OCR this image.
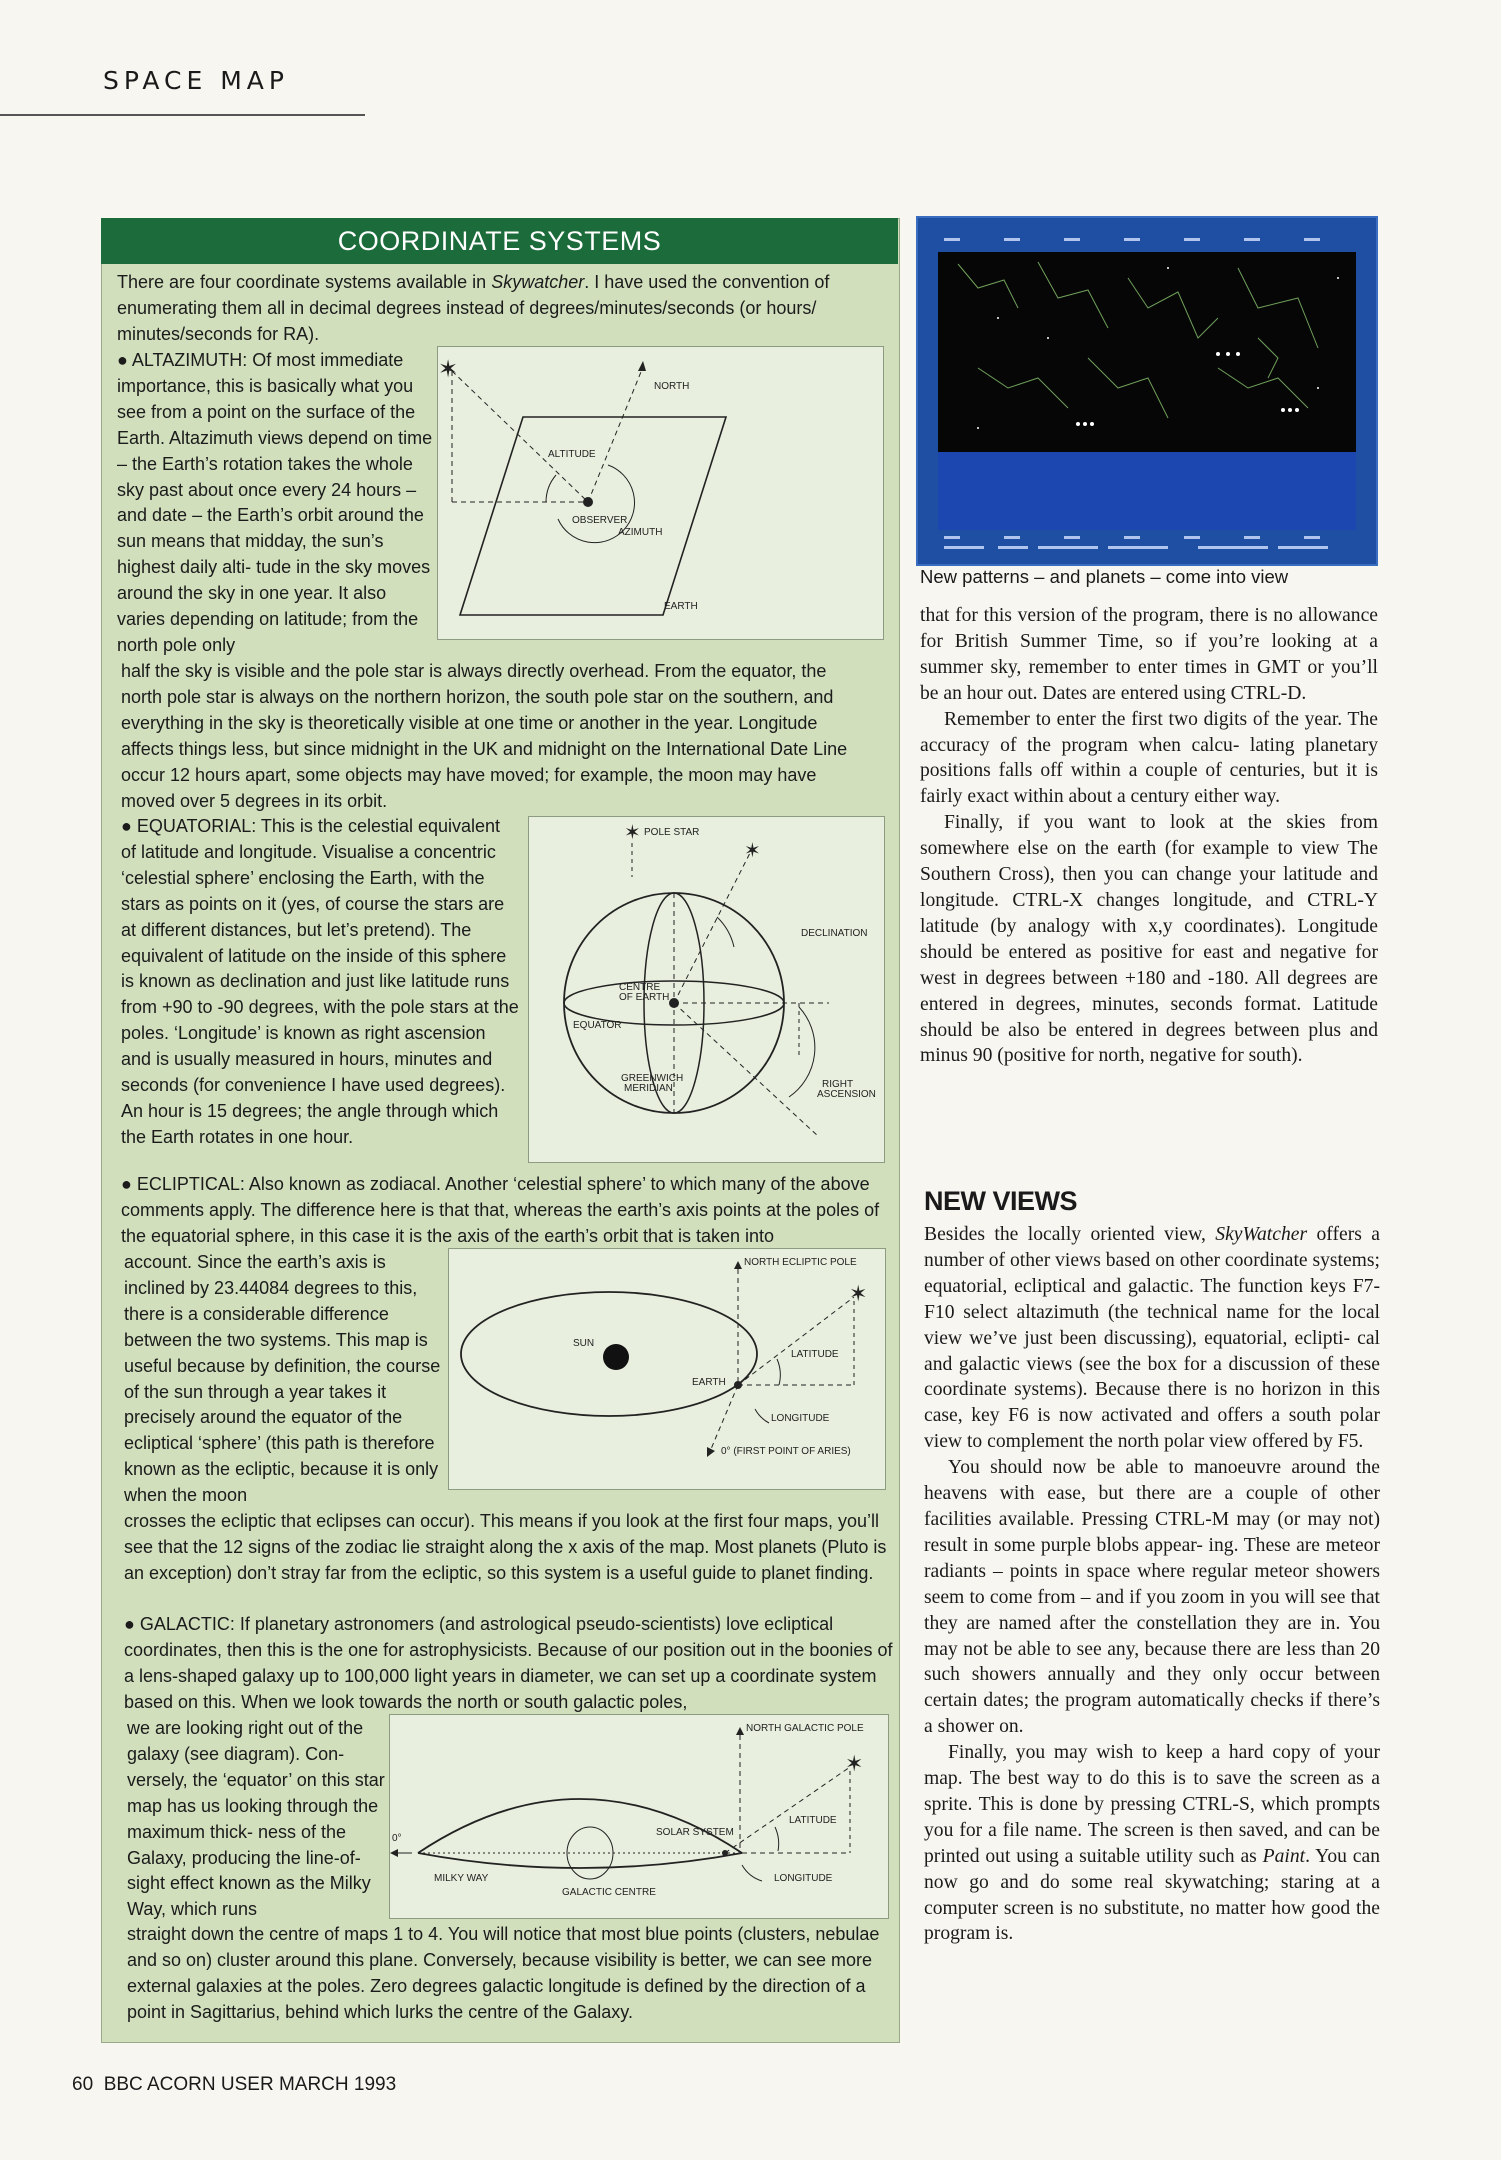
SPACE MAP
COORDINATE SYSTEMS
There are four coordinate systems available in Skywatcher. I have used the convention of enumerating them all in decimal degrees instead of degrees/minutes/seconds (or hours/ minutes/seconds for RA).
● ALTAZIMUTH: Of most immediate importance, this is basically what you see from a point on the surface of the Earth. Altazimuth views depend on time – the Earth’s rotation takes the whole sky past about once every 24 hours – and date – the Earth’s orbit around the sun means that midday, the sun’s highest daily alti- tude in the sky moves around the sky in one year. It also varies depending on latitude; from the north pole only
half the sky is visible and the pole star is always directly overhead. From the equator, the north pole star is always on the northern horizon, the south pole star on the southern, and everything in the sky is theoretically visible at one time or another in the year. Longitude affects things less, but since midnight in the UK and midnight on the International Date Line occur 12 hours apart, some objects may have moved; for example, the moon may have moved over 5 degrees in its orbit.
● EQUATORIAL: This is the celestial equivalent of latitude and longitude. Visualise a concentric ‘celestial sphere’ enclosing the Earth, with the stars as points on it (yes, of course the stars are at different distances, but let’s pretend). The equivalent of latitude on the inside of this sphere is known as declination and just like latitude runs from +90 to -90 degrees, with the pole stars at the poles. ‘Longitude’ is known as right ascension and is usually measured in hours, minutes and seconds (for convenience I have used degrees). An hour is 15 degrees; the angle through which the Earth rotates in one hour.
● ECLIPTICAL: Also known as zodiacal. Another ‘celestial sphere’ to which many of the above comments apply. The difference here is that that, whereas the earth’s axis points at the poles of the equatorial sphere, in this case it is the axis of the earth’s orbit that is taken into
account. Since the earth’s axis is inclined by 23.44084 degrees to this, there is a considerable difference between the two systems. This map is useful because by definition, the course of the sun through a year takes it precisely around the equator of the ecliptical ‘sphere’ (this path is therefore known as the ecliptic, because it is only when the moon
crosses the ecliptic that eclipses can occur). This means if you look at the first four maps, you’ll see that the 12 signs of the zodiac lie straight along the x axis of the map. Most planets (Pluto is an exception) don’t stray far from the ecliptic, so this system is a useful guide to planet finding.
● GALACTIC: If planetary astronomers (and astrological pseudo-scientists) love ecliptical coordinates, then this is the one for astrophysicists. Because of our position out in the boonies of a lens-shaped galaxy up to 100,000 light years in diameter, we can set up a coordinate system based on this. When we look towards the north or south galactic poles,
we are looking right out of the galaxy (see diagram). Con- versely, the ‘equator’ on this star map has us looking through the maximum thick- ness of the Galaxy, producing the line-of-sight effect known as the Milky Way, which runs
straight down the centre of maps 1 to 4. You will notice that most blue points (clusters, nebulae and so on) cluster around this plane. Conversely, because visibility is better, we can see more external galaxies at the poles. Zero degrees galactic longitude is defined by the direction of a point in Sagittarius, behind which lurks the centre of the Galaxy.
✶
NORTH
ALTITUDE
OBSERVER
AZIMUTH
EARTH
✶ POLE STAR
✶
DECLINATION
CENTRE
OF EARTH
EQUATOR
GREENWICH
MERIDIAN	RIGHT
ASCENSION
NORTH ECLIPTIC POLE
SUN
EARTH
✶
LATITUDE
LONGITUDE
0° (FIRST POINT OF ARIES)
NORTH GALACTIC POLE
✶
0°
SOLAR SYSTEM
LATITUDE
MILKY WAY
GALACTIC CENTRE
LONGITUDE
New patterns – and planets – come into view

that for this version of the program, there is no allowance for British Summer Time, so if you’re looking at a summer sky, remember to enter times in GMT or you’ll be an hour out. Dates are entered using CTRL-D.

Remember to enter the first two digits of the year. The accuracy of the program when calcu- lating planetary positions falls off within a couple of centuries, but it is fairly exact within about a century either way.

Finally, if you want to look at the skies from somewhere else on the earth (for example to view The Southern Cross), then you can change your latitude and longitude. CTRL-X changes longitude, and CTRL-Y latitude (by analogy with x,y coordinates). Longitude should be entered as positive for east and negative for west in degrees between +180 and -180. All degrees are entered in degrees, minutes, seconds format. Latitude should be also be entered in degrees between plus and minus 90 (positive for north, negative for south).

NEW VIEWS

Besides the locally oriented view, SkyWatcher offers a number of other views based on other coordinate systems; equatorial, ecliptical and galactic. The function keys F7-F10 select altazimuth (the technical name for the local view we’ve just been discussing), equatorial, eclipti- cal and galactic views (see the box for a discussion of these coordinate systems). Because there is no horizon in this case, key F6 is now activated and offers a south polar view to complement the north polar view offered by F5.

You should now be able to manoeuvre around the heavens with ease, but there are a couple of other facilities available. Pressing CTRL-M may (or may not) result in some purple blobs appear- ing. These are meteor radiants – points in space where regular meteor showers seem to come from – and if you zoom in you will see that they are named after the constellation they are in. You may not be able to see any, because there are less than 20 such showers annually and they only occur between certain dates; the program automatically checks if there’s a shower on.

Finally, you may wish to keep a hard copy of your map. The best way to do this is to save the screen as a sprite. This is done by pressing CTRL-S, which prompts you for a file name. The screen is then saved, and can be printed out using a suitable utility such as Paint. You can now go and do some real skywatching; staring at a computer screen is no substitute, no matter how good the program is.

60  BBC ACORN USER MARCH 1993
